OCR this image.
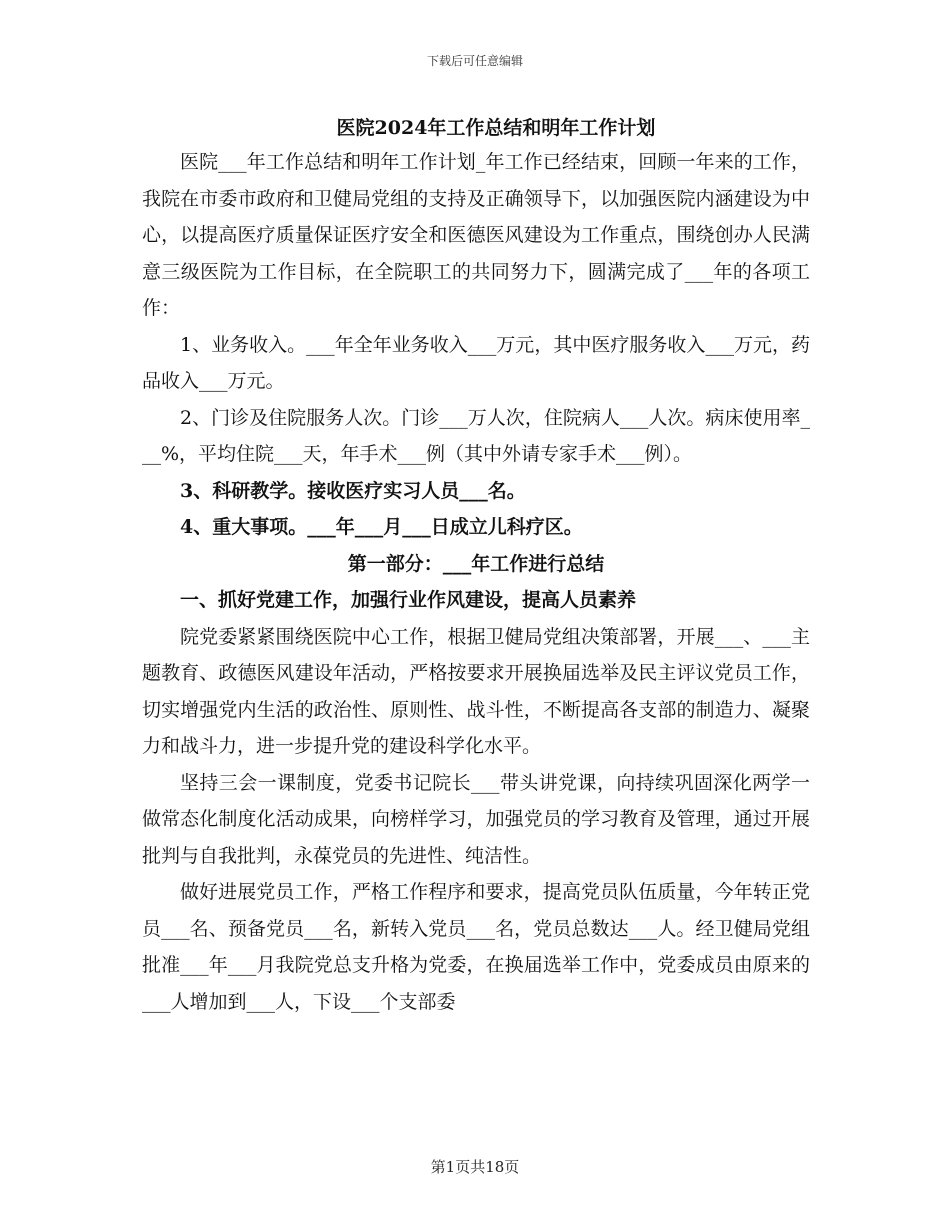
下载后可任意编辑
医院2024年工作总结和明年工作计划

医院___年工作总结和明年工作计划_年工作已经结束，回顾一年来的工作，我院在市委市政府和卫健局党组的支持及正确领导下，以加强医院内涵建设为中心，以提高医疗质量保证医疗安全和医德医风建设为工作重点，围绕创办人民满意三级医院为工作目标，在全院职工的共同努力下，圆满完成了___年的各项工作：

1、业务收入。___年全年业务收入___万元，其中医疗服务收入___万元，药品收入___万元。

2、门诊及住院服务人次。门诊___万人次，住院病人___人次。病床使用率___%，平均住院___天，年手术___例（其中外请专家手术___例）。

3、科研教学。接收医疗实习人员___名。

4、重大事项。___年___月___日成立儿科疗区。

第一部分：___年工作进行总结

一、抓好党建工作，加强行业作风建设，提高人员素养

院党委紧紧围绕医院中心工作，根据卫健局党组决策部署，开展___、___主题教育、政德医风建设年活动，严格按要求开展换届选举及民主评议党员工作，切实增强党内生活的政治性、原则性、战斗性，不断提高各支部的制造力、凝聚力和战斗力，进一步提升党的建设科学化水平。

坚持三会一课制度，党委书记院长___带头讲党课，向持续巩固深化两学一做常态化制度化活动成果，向榜样学习，加强党员的学习教育及管理，通过开展批判与自我批判，永葆党员的先进性、纯洁性。

做好进展党员工作，严格工作程序和要求，提高党员队伍质量，今年转正党员___名、预备党员___名，新转入党员___名，党员总数达___人。经卫健局党组批准___年___月我院党总支升格为党委，在换届选举工作中，党委成员由原来的___人增加到___人，下设___个支部委

第1页共18页
